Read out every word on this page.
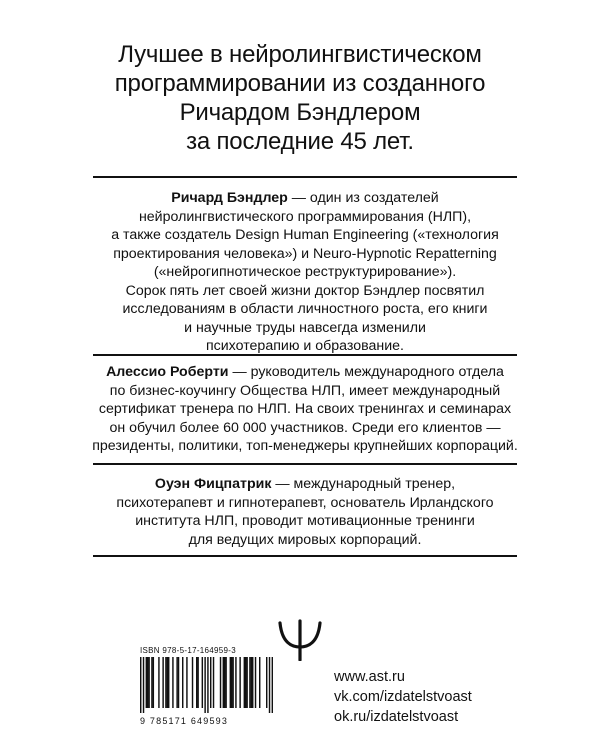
Лучшее в нейролингвистическом
программировании из созданного
Ричардом Бэндлером
за последние 45 лет.
Ричард Бэндлер — один из создателей
нейролингвистического программирования (НЛП),
а также создатель Design Human Engineering («технология
проектирования человека») и Neuro-Hypnotic Repatterning
(«нейрогипнотическое реструктурирование»).
Сорок пять лет своей жизни доктор Бэндлер посвятил
исследованиям в области личностного роста, его книги
и научные труды навсегда изменили
психотерапию и образование.
Алессио Роберти — руководитель международного отдела
по бизнес-коучингу Общества НЛП, имеет международный
сертификат тренера по НЛП. На своих тренингах и семинарах
он обучил более 60 000 участников. Среди его клиентов —
президенты, политики, топ-менеджеры крупнейших корпораций.
Оуэн Фицпатрик — международный тренер,
психотерапевт и гипнотерапевт, основатель Ирландского
института НЛП, проводит мотивационные тренинги
для ведущих мировых корпораций.
ISBN 978-5-17-164959-3
9 785171 649593
www.ast.ru
vk.com/izdatelstvoast
ok.ru/izdatelstvoast
